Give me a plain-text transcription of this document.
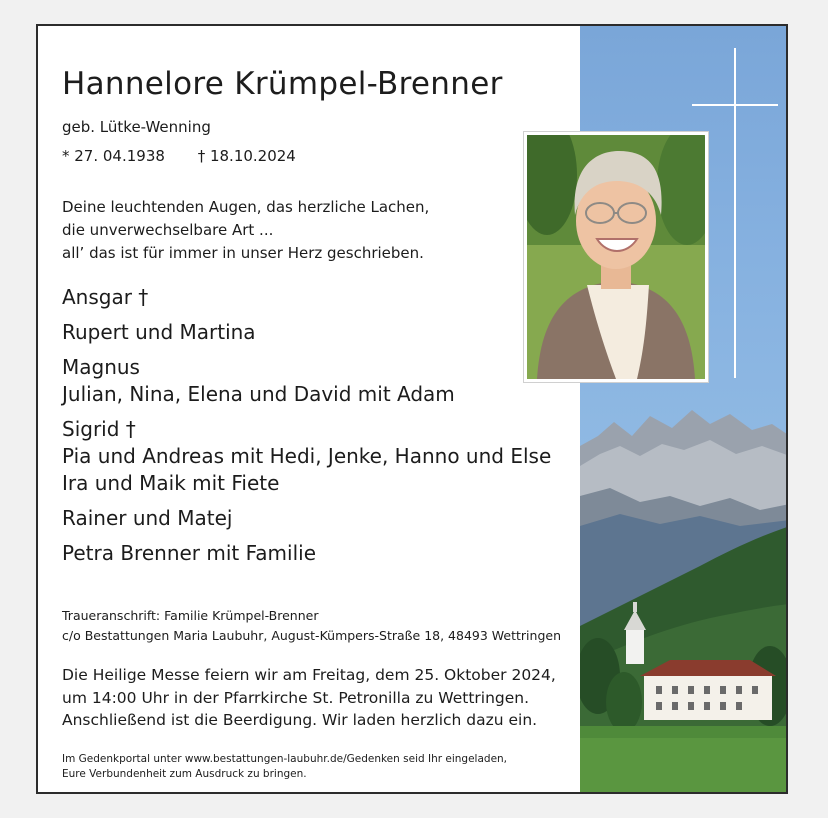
Hannelore Krümpel-Brenner
geb. Lütke-Wenning
* 27. 04.1938 † 18.10.2024
Deine leuchtenden Augen, das herzliche Lachen,
die unverwechselbare Art ...
all’ das ist für immer in unser Herz geschrieben.
Ansgar †
Rupert und Martina
Magnus
Julian, Nina, Elena und David mit Adam
Sigrid †
Pia und Andreas mit Hedi, Jenke, Hanno und Else
Ira und Maik mit Fiete
Rainer und Matej
Petra Brenner mit Familie
Traueranschrift: Familie Krümpel-Brenner
c/o Bestattungen Maria Laubuhr, August-Kümpers-Straße 18, 48493 Wettringen
Die Heilige Messe feiern wir am Freitag, dem 25. Oktober 2024,
um 14:00 Uhr in der Pfarrkirche St. Petronilla zu Wettringen.
Anschließend ist die Beerdigung. Wir laden herzlich dazu ein.
Im Gedenkportal unter www.bestattungen-laubuhr.de/Gedenken seid Ihr eingeladen,
Eure Verbundenheit zum Ausdruck zu bringen.
